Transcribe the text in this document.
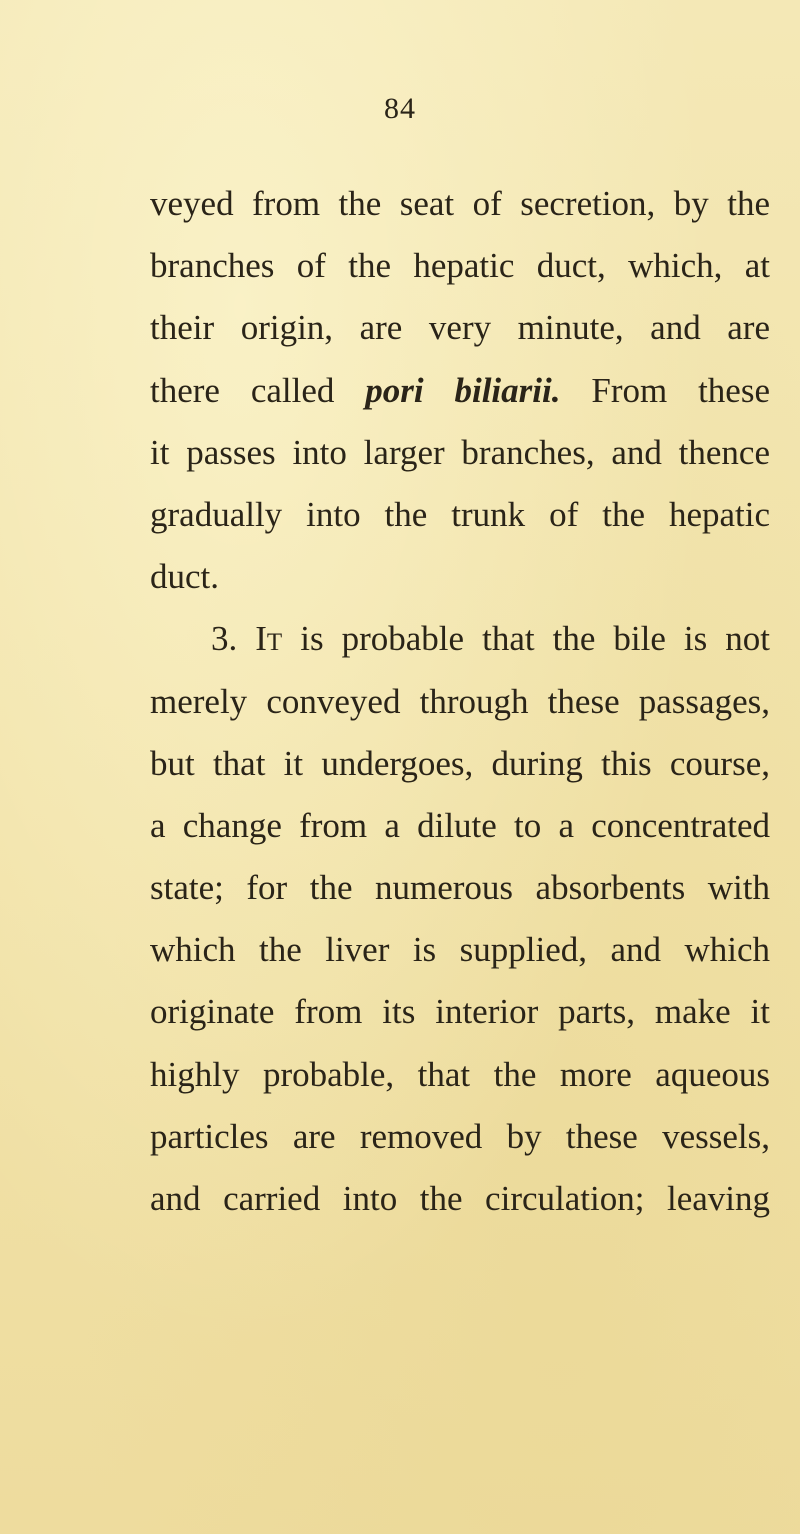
84
veyed from the seat of secretion, by the
branches of the hepatic duct, which, at
their origin, are very minute, and are
there called pori biliarii. From these
it passes into larger branches, and thence
gradually into the trunk of the hepatic
duct.
3. It is probable that the bile is not
merely conveyed through these passages,
but that it undergoes, during this course,
a change from a dilute to a concentrated
state; for the numerous absorbents with
which the liver is supplied, and which
originate from its interior parts, make it
highly probable, that the more aqueous
particles are removed by these vessels,
and carried into the circulation; leaving
